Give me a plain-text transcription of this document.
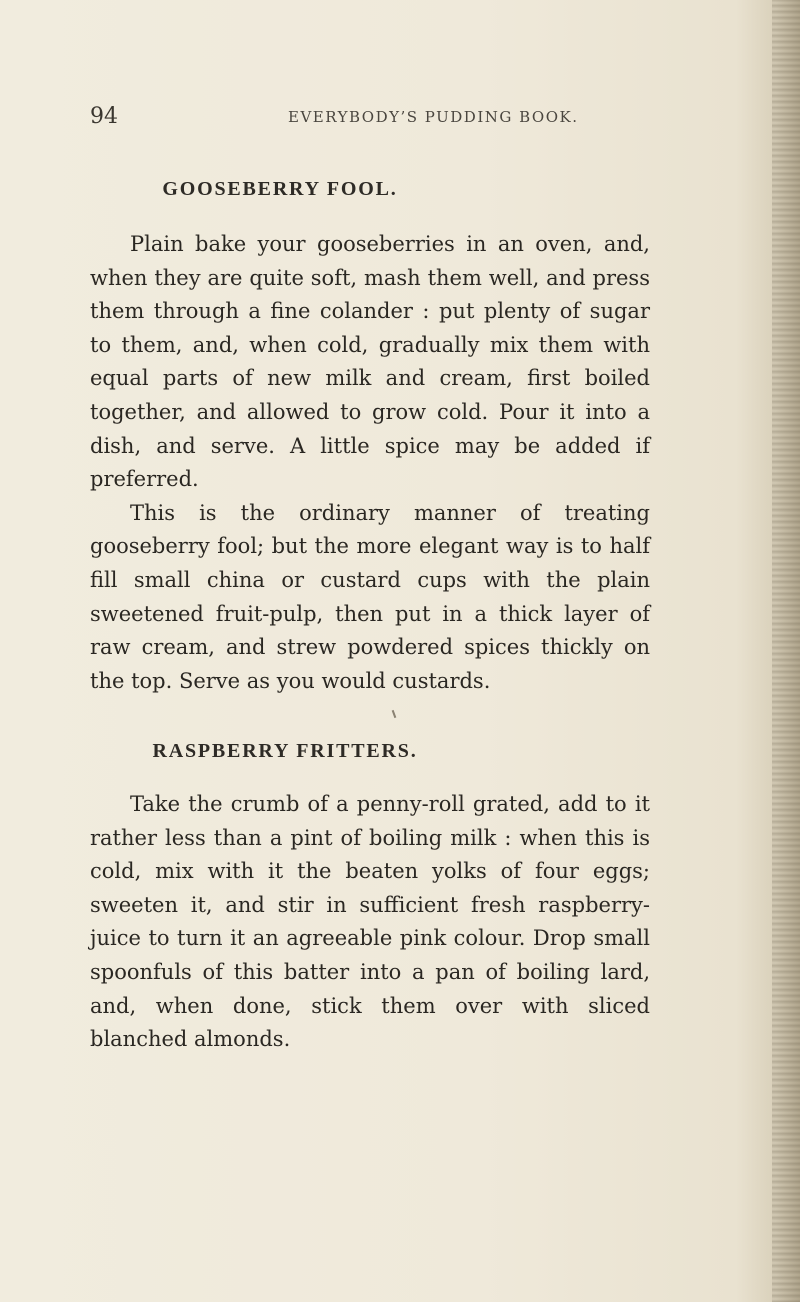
94	EVERYBODY’S PUDDING BOOK.
GOOSEBERRY FOOL.

Plain bake your gooseberries in an oven, and, when they are quite soft, mash them well, and press them through a fine colander : put plenty of sugar to them, and, when cold, gradually mix them with equal parts of new milk and cream, first boiled together, and allowed to grow cold. Pour it into a dish, and serve. A little spice may be added if preferred.

This is the ordinary manner of treating gooseberry fool; but the more elegant way is to half fill small china or custard cups with the plain sweetened fruit-pulp, then put in a thick layer of raw cream, and strew powdered spices thickly on the top. Serve as you would custards.

RASPBERRY FRITTERS.

Take the crumb of a penny-roll grated, add to it rather less than a pint of boiling milk : when this is cold, mix with it the beaten yolks of four eggs; sweeten it, and stir in sufficient fresh raspberry-juice to turn it an agreeable pink colour. Drop small spoonfuls of this batter into a pan of boiling lard, and, when done, stick them over with sliced blanched almonds.
